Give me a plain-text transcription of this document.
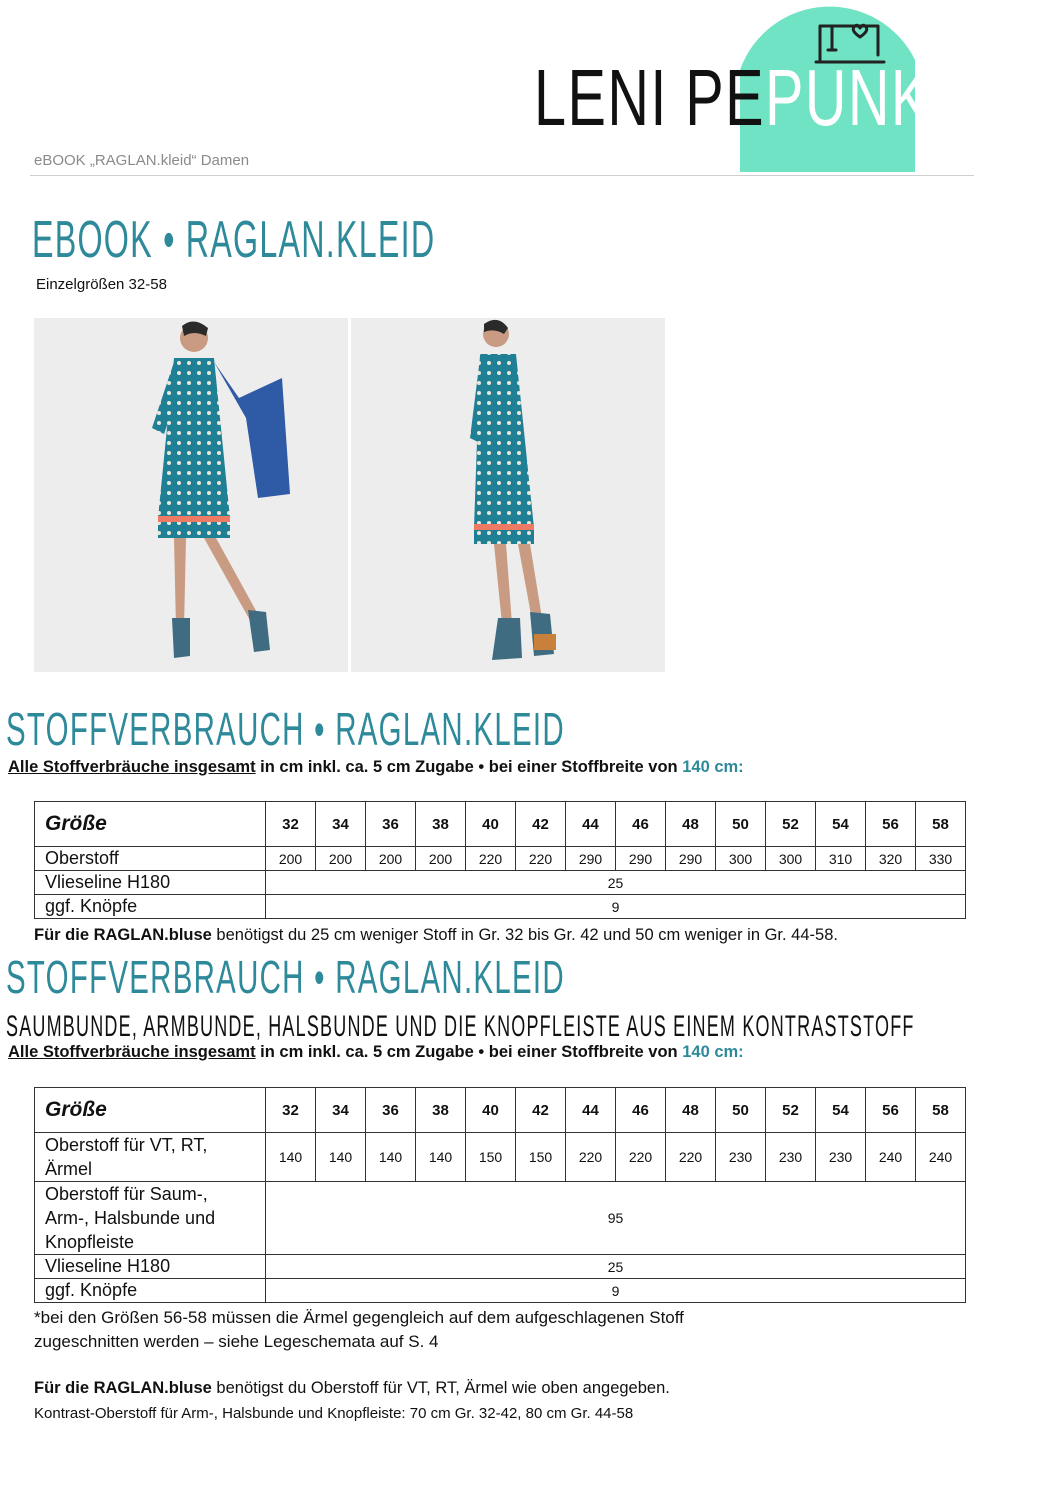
eBOOK „RAGLAN.kleid“ Damen
LENI PEPUNKT.
EBOOK • RAGLAN.KLEID
Einzelgrößen 32-58
STOFFVERBRAUCH • RAGLAN.KLEID
Alle Stoffverbräuche insgesamt in cm inkl. ca. 5 cm Zugabe • bei einer Stoffbreite von 140 cm:
Größe	32	34	36	38	40	42	44	46	48	50	52	54	56	58
Oberstoff	200	200	200	200	220	220	290	290	290	300	300	310	320	330
Vlieseline H180	25													
ggf. Knöpfe	9													
Für die RAGLAN.bluse benötigst du 25 cm weniger Stoff in Gr. 32 bis Gr. 42 und 50 cm weniger in Gr. 44-58.
STOFFVERBRAUCH • RAGLAN.KLEID
SAUMBUNDE, ARMBUNDE, HALSBUNDE UND DIE KNOPFLEISTE AUS EINEM KONTRASTSTOFF
Alle Stoffverbräuche insgesamt in cm inkl. ca. 5 cm Zugabe • bei einer Stoffbreite von 140 cm:
Größe	32	34	36	38	40	42	44	46	48	50	52	54	56	58
Oberstoff für VT, RT,
Ärmel	140	140	140	140	150	150	220	220	220	230	230	230	240	240
Oberstoff für Saum-,
Arm-, Halsbunde und
Knopfleiste	95													
Vlieseline H180	25													
ggf. Knöpfe	9													
*bei den Größen 56-58 müssen die Ärmel gegengleich auf dem aufgeschlagenen Stoff
zugeschnitten werden – siehe Legeschemata auf S. 4
Für die RAGLAN.bluse benötigst du Oberstoff für VT, RT, Ärmel wie oben angegeben.
Kontrast-Oberstoff für Arm-, Halsbunde und Knopfleiste: 70 cm Gr. 32-42, 80 cm Gr. 44-58
